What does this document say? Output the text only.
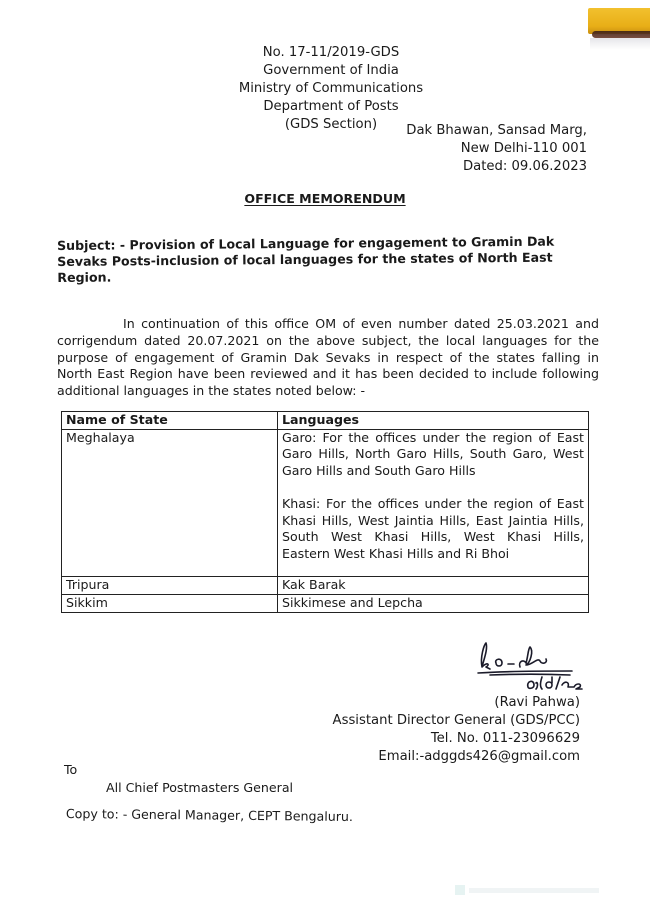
No. 17-11/2019-GDS
Government of India
Ministry of Communications
Department of Posts
(GDS Section)	Dak Bhawan, Sansad Marg,
New Delhi-110 001
Dated: 09.06.2023
OFFICE MEMORENDUM
Subject: - Provision of Local Language for engagement to Gramin Dak Sevaks Posts-inclusion of local languages for the states of North East Region.
In continuation of this office OM of even number dated 25.03.2021 and corrigendum dated 20.07.2021 on the above subject, the local languages for the purpose of engagement of Gramin Dak Sevaks in respect of the states falling in North East Region have been reviewed and it has been decided to include following additional languages in the states noted below: -
Name of State	Languages
Meghalaya	Garo: For the offices under the region of East Garo Hills, North Garo Hills, South Garo, West Garo Hills and South Garo Hills
Khasi: For the offices under the region of East Khasi Hills, West Jaintia Hills, East Jaintia Hills, South West Khasi Hills, West Khasi Hills, Eastern West Khasi Hills and Ri Bhoi

Tripura	Kak Barak
Sikkim	Sikkimese and Lepcha
(Ravi Pahwa)
Assistant Director General (GDS/PCC)
Tel. No. 011-23096629
Email:-adggds426@gmail.com
To
All Chief Postmasters General
Copy to: - General Manager, CEPT Bengaluru.
